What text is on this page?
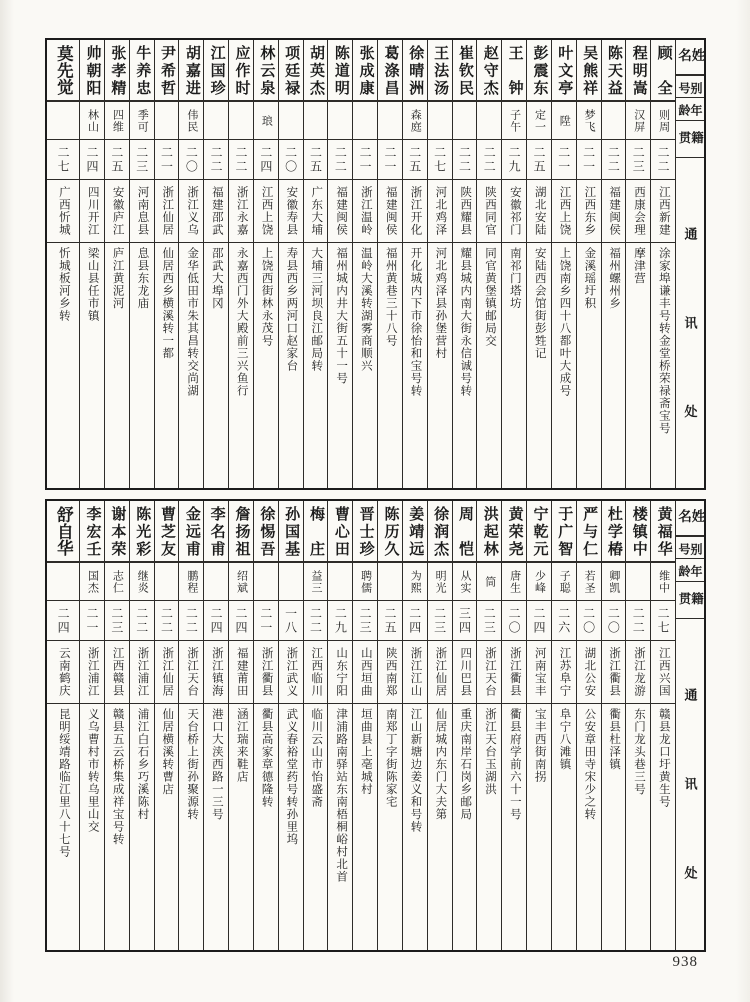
姓名
别号
年龄
籍贯
通讯处
顾全
则周
二二
江西新建
涂家埠谦丰号转金堂桥荣禄斋宝号
程明嵩
汉屏
二三
西康会理
摩津营
陈天益
二二
福建闽侯
福州螺州乡
吴熊祥
梦飞
二一
江西东乡
金溪瑶圩积
叶文亭
陞
二一
江西上饶
上饶南乡四十八都叶大成号
彭震东
定一
二五
湖北安陆
安陆西会馆街彭甡记
王钟
子午
二九
安徽祁门
南祁门塔坊
赵守杰
二二
陕西同官
同官黄堡镇邮局交
崔钦民
二二
陕西耀县
耀县城内南大街永信诚号转
王法汤
二七
河北鸡泽
河北鸡泽县孙堡营村
徐晴洲
森庭
二五
浙江开化
开化城内下市徐怡和宝号转
葛涤昌
二一
福建闽侯
福州黄巷三十八号
张成康
二一
浙江温岭
温岭大溪转湖雾商顺兴
陈道明
二二
福建闽侯
福州城内井大街五十一号
胡英杰
二五
广东大埔
大埔三河坝良江邮局转
项廷禄
二〇
安徽寿县
寿县西乡两河口赵家台
林云泉
琅
二四
江西上饶
上饶西街林永茂号
应作时
二二
浙江永嘉
永嘉西门外大殿前三兴鱼行
江国珍
二二
福建邵武
邵武大埠冈
胡嘉进
伟民
二〇
浙江义乌
金华低田市朱其昌转交尚湖
尹希哲
二一
浙江仙居
仙居西乡横溪转一都
牛养忠
季可
二三
河南息县
息县东龙庙
张孝精
四维
二五
安徽庐江
庐江黄泥河
帅朝阳
林山
二四
四川开江
梁山县任市镇
莫先觉
二七
广西忻城
忻城板河乡转
姓名
别号
年龄
籍贯
通讯处
黄福华
维中
二七
江西兴国
赣县龙口圩黄生号
楼镇中
二二
浙江龙游
东门龙头巷三号
杜学椿
卿凯
二〇
浙江衢县
衢县杜泽镇
严与仁
若圣
二〇
湖北公安
公安章田寺宋少之转
于广智
子聪
二六
江苏阜宁
阜宁八滩镇
宁乾元
少峰
二四
河南宝丰
宝丰西街南拐
黄荣尧
唐生
二〇
浙江衢县
衢县府学前六十一号
洪起林
筒
二三
浙江天台
浙江天台玉湖洪
周恺
从实
三四
四川巴县
重庆南岸石岗乡邮局
徐润杰
明光
二三
浙江仙居
仙居城内东门大夫第
姜靖远
为熙
二四
浙江江山
江山新塘边姜义和号转
陈历久
二五
陕西南郑
南郑丁字街陈家宅
晋士珍
聘儒
二三
山西垣曲
垣曲县上亳城村
曹心田
二九
山东宁阳
津浦路南驿站东南梧桐峪村北首
梅庄
益三
二二
江西临川
临川云山市怡盛斋
孙国基
一八
浙江武义
武义春裕堂药号转孙里坞
徐惕吾
二一
浙江衢县
衢县高家章德隆转
詹扬祖
绍斌
二四
福建莆田
涵江瑞来鞋店
李名甫
二四
浙江镇海
港口大浃西路一三号
金远甫
鹏程
二二
浙江天台
天台桥上街孙聚源转
曹芝友
二二
浙江仙居
仙居横溪转曹店
陈光彩
继炎
二二
浙江浦江
浦江白石乡巧溪陈村
谢本荣
志仁
二三
江西赣县
赣县五云桥集成祥宝号转
李宏壬
国杰
二一
浙江浦江
义乌曹村市转乌里山交
舒自华
二四
云南鹤庆
昆明绥靖路临江里八十七号
938
